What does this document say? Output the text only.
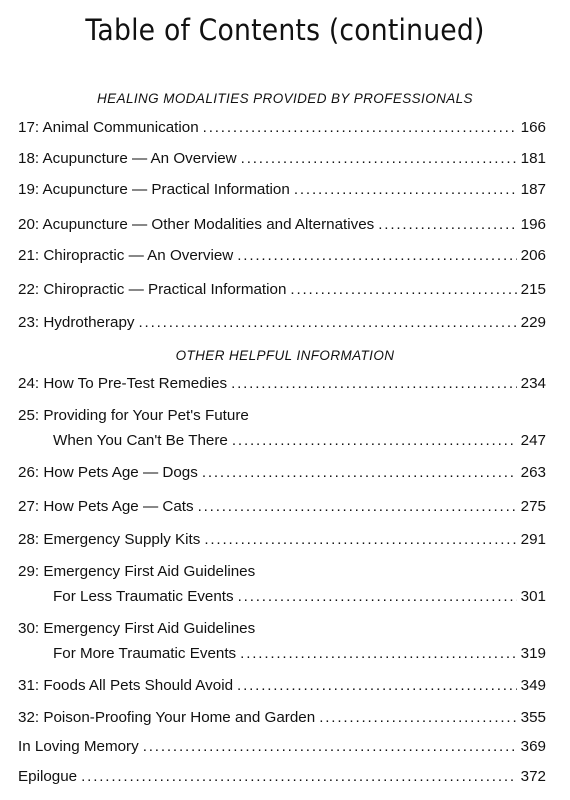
Table of Contents (continued)
HEALING MODALITIES PROVIDED BY PROFESSIONALS
17: Animal Communication . . .	166
18: Acupuncture — An Overview . . .	181
19: Acupuncture — Practical Information . . .	187
20: Acupuncture — Other Modalities and Alternatives . . .	196
21: Chiropractic — An Overview . . .	206
22: Chiropractic — Practical Information . . .	215
23: Hydrotherapy . . .	229
OTHER HELPFUL INFORMATION
24: How To Pre-Test Remedies . . .	234
25: Providing for Your Pet's Future
When You Can't Be There . . .	247
26: How Pets Age — Dogs . . .	263
27: How Pets Age — Cats . . .	275
28: Emergency Supply Kits . . .	291
29: Emergency First Aid Guidelines
For Less Traumatic Events . . .	301
30: Emergency First Aid Guidelines
For More Traumatic Events . . .	319
31: Foods All Pets Should Avoid . . .	349
32: Poison-Proofing Your Home and Garden . . .	355
In Loving Memory . . .	369
Epilogue . . .	372
